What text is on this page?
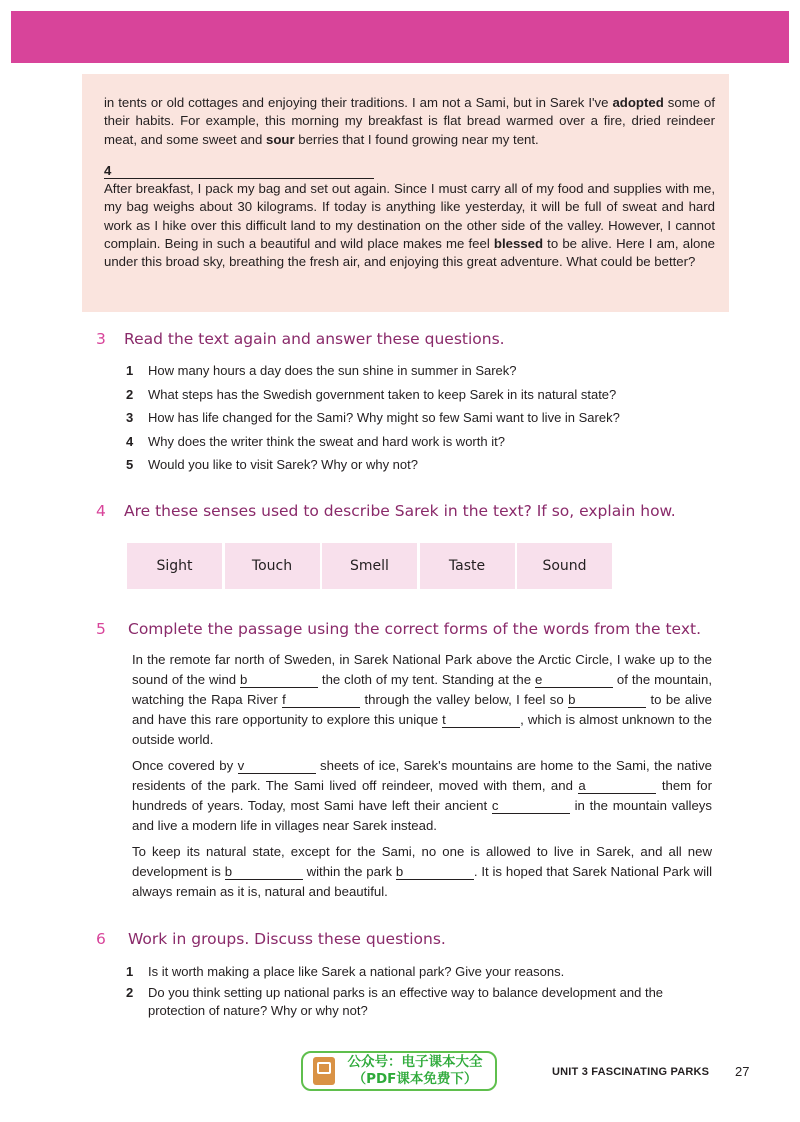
in tents or old cottages and enjoying their traditions. I am not a Sami, but in Sarek I've adopted some of their habits. For example, this morning my breakfast is flat bread warmed over a fire, dried reindeer meat, and some sweet and sour berries that I found growing near my tent.

4

After breakfast, I pack my bag and set out again. Since I must carry all of my food and supplies with me, my bag weighs about 30 kilograms. If today is anything like yesterday, it will be full of sweat and hard work as I hike over this difficult land to my destination on the other side of the valley. However, I cannot complain. Being in such a beautiful and wild place makes me feel blessed to be alive. Here I am, alone under this broad sky, breathing the fresh air, and enjoying this great adventure. What could be better?

3	Read the text again and answer these questions.
1	How many hours a day does the sun shine in summer in Sarek?
2	What steps has the Swedish government taken to keep Sarek in its natural state?
3	How has life changed for the Sami? Why might so few Sami want to live in Sarek?
4	Why does the writer think the sweat and hard work is worth it?
5	Would you like to visit Sarek? Why or why not?
4	Are these senses used to describe Sarek in the text? If so, explain how.
Sight	Touch	Smell	Taste	Sound
5	Complete the passage using the correct forms of the words from the text.

In the remote far north of Sweden, in Sarek National Park above the Arctic Circle, I wake up to the sound of the wind b	the cloth of my tent. Standing at the e	of the mountain, watching the Rapa River f	through the valley below, I feel so b	to be alive and have this rare opportunity to explore this unique t	, which is almost unknown to the outside world.

Once covered by v	sheets of ice, Sarek's mountains are home to the Sami, the native residents of the park. The Sami lived off reindeer, moved with them, and a	them for hundreds of years. Today, most Sami have left their ancient c	in the mountain valleys and live a modern life in villages near Sarek instead.

To keep its natural state, except for the Sami, no one is allowed to live in Sarek, and all new development is b	within the park b	. It is hoped that Sarek National Park will always remain as it is, natural and beautiful.

6	Work in groups. Discuss these questions.
1	Is it worth making a place like Sarek a national park? Give your reasons.
2	Do you think setting up national parks is an effective way to balance development and the protection of nature? Why or why not?
公众号：电子课本大全
（PDF课本免费下）	UNIT 3 FASCINATING PARKS 27
